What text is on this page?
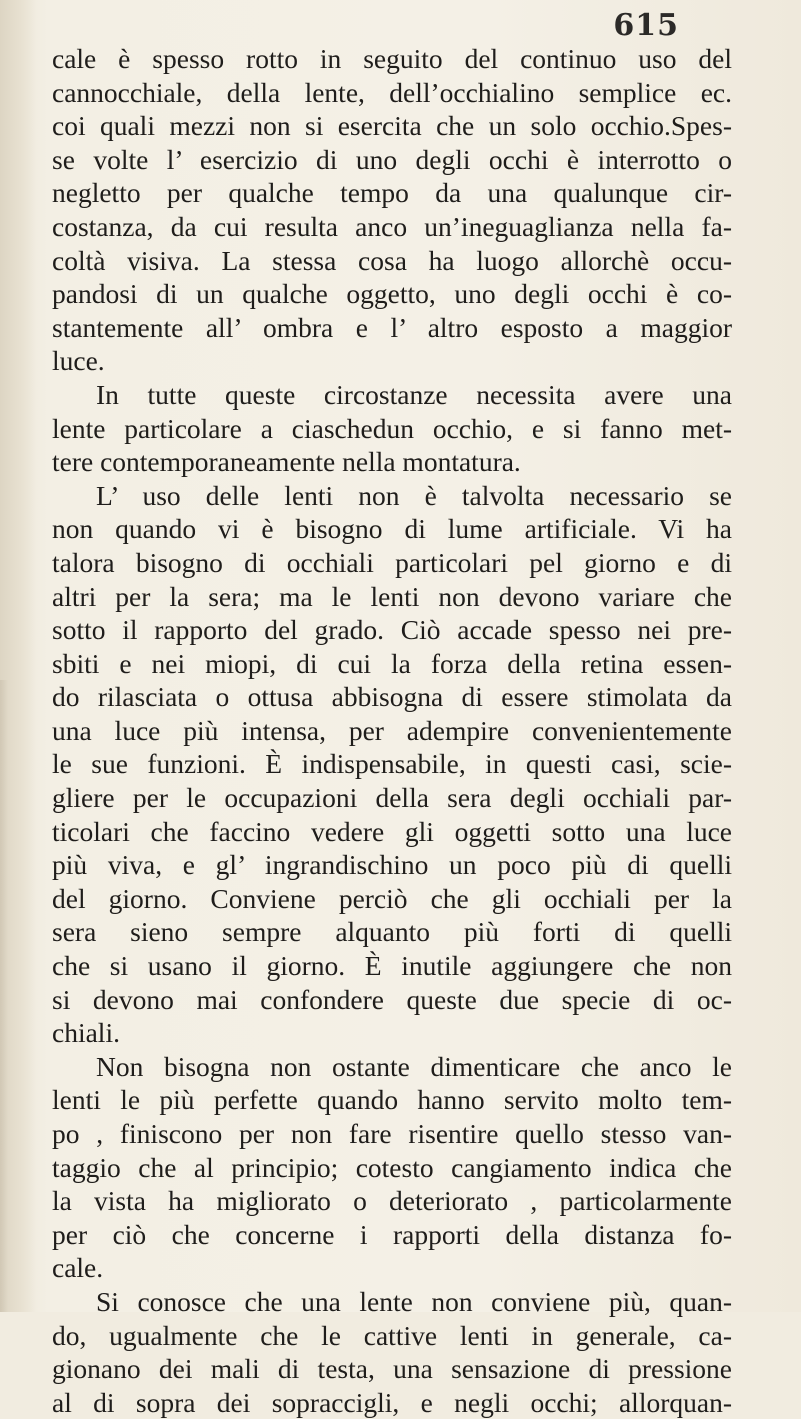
615
cale è spesso rotto in seguito del continuo uso del
cannocchiale, della lente, dell’occhialino semplice ec.
coi quali mezzi non si esercita che un solo occhio.Spes-
se volte l’ esercizio di uno degli occhi è interrotto o
negletto per qualche tempo da una qualunque cir-
costanza, da cui resulta anco un’ineguaglianza nella fa-
coltà visiva. La stessa cosa ha luogo allorchè occu-
pandosi di un qualche oggetto, uno degli occhi è co-
stantemente all’ ombra e l’ altro esposto a maggior
luce.
In tutte queste circostanze necessita avere una
lente particolare a ciaschedun occhio, e si fanno met-
tere contemporaneamente nella montatura.
L’ uso delle lenti non è talvolta necessario se
non quando vi è bisogno di lume artificiale. Vi ha
talora bisogno di occhiali particolari pel giorno e di
altri per la sera; ma le lenti non devono variare che
sotto il rapporto del grado. Ciò accade spesso nei pre-
sbiti e nei miopi, di cui la forza della retina essen-
do rilasciata o ottusa abbisogna di essere stimolata da
una luce più intensa, per adempire convenientemente
le sue funzioni. È indispensabile, in questi casi, scie-
gliere per le occupazioni della sera degli occhiali par-
ticolari che faccino vedere gli oggetti sotto una luce
più viva, e gl’ ingrandischino un poco più di quelli
del giorno. Conviene perciò che gli occhiali per la
sera sieno sempre alquanto più forti di quelli
che si usano il giorno. È inutile aggiungere che non
si devono mai confondere queste due specie di oc-
chiali.
Non bisogna non ostante dimenticare che anco le
lenti le più perfette quando hanno servito molto tem-
po , finiscono per non fare risentire quello stesso van-
taggio che al principio; cotesto cangiamento indica che
la vista ha migliorato o deteriorato , particolarmente
per ciò che concerne i rapporti della distanza fo-
cale.
Si conosce che una lente non conviene più, quan-
do, ugualmente che le cattive lenti in generale, ca-
gionano dei mali di testa, una sensazione di pressione
al di sopra dei sopraccigli, e negli occhi; allorquan-
